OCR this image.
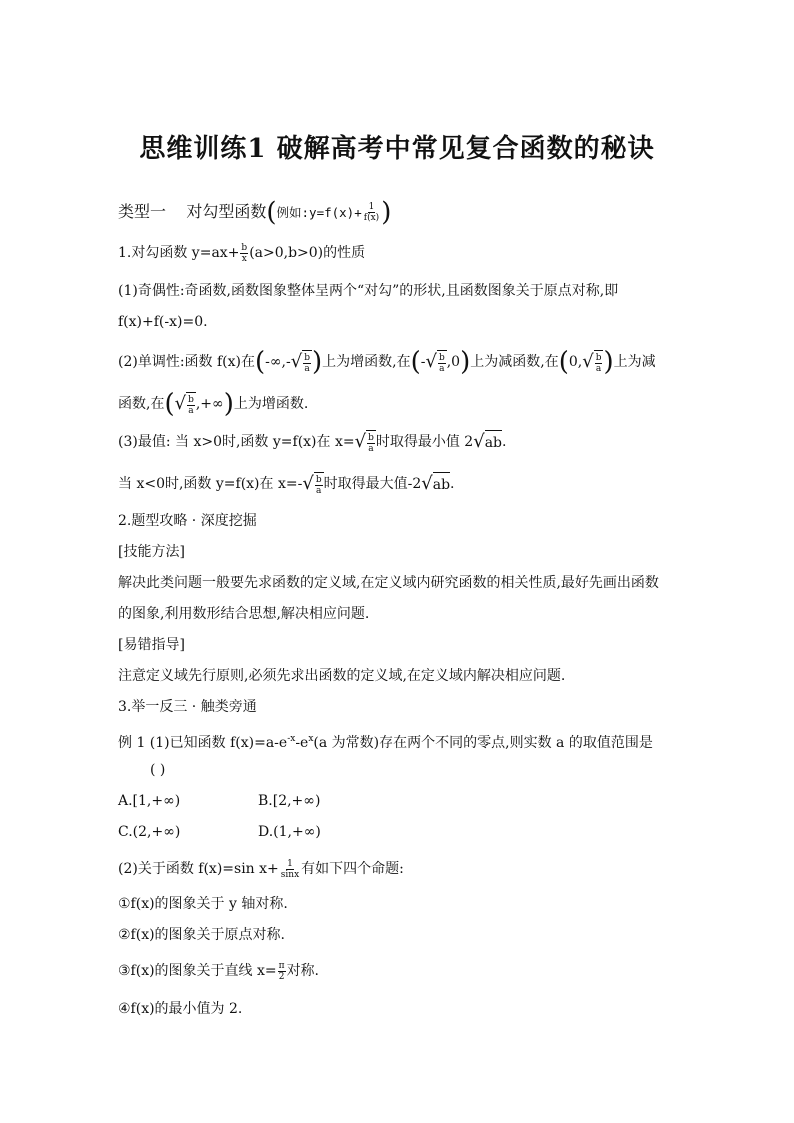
思维训练1 破解高考中常见复合函数的秘诀
类型一 对勾型函数(例如:y=f(x)+ $\frac{1}{f(x)}$ )
1.对勾函数 $y=ax+ \frac{b}{x} (a>0,b>0)$的性质
(1)奇偶性:奇函数,函数图象整体呈两个“对勾”的形状,且函数图象关于原点对称,即
f(x)+f(-x)=0.
(2)单调性:函数 f(x)在(-∞,-√ $\frac{b}{a}$ )上为增函数,在(-√ $\frac{b}{a} ,0$)上为减函数,在($0,√ \frac{b}{a}$ )上为减
函数,在(√ $\frac{b}{a}$ ,+∞)上为增函数.
(3)最值: 当 x>0时,函数 y=f(x)在 $x=√ \frac{b}{a}$ 时取得最小值 2√ab.
当 x<0时,函数 y=f(x)在 $x=-√ \frac{b}{a}$ 时取得最大值-2√ab.
2.题型攻略 · 深度挖掘
[技能方法]
解决此类问题一般要先求函数的定义域,在定义域内研究函数的相关性质,最好先画出函数
的图象,利用数形结合思想,解决相应问题.
[易错指导]
注意定义域先行原则,必须先求出函数的定义域,在定义域内解决相应问题.
3.举一反三 · 触类旁通
例 1 (1)已知函数 $f(x)=a-e^{-x}-e^x(a$ 为常数)存在两个不同的零点,则实数 a 的取值范围是
( )
A.[1,+∞)	B.[2,+∞)
C.(2,+∞)	D.(1,+∞)
(2)关于函数 f(x)=sin $x+ \frac{1}{\sin x}$ 有如下四个命题:
①f(x)的图象关于 y 轴对称.
②f(x)的图象关于原点对称.
③f(x)的图象关于直线 $x= \frac{\pi}{2}$ 对称.
④f(x)的最小值为 2.
